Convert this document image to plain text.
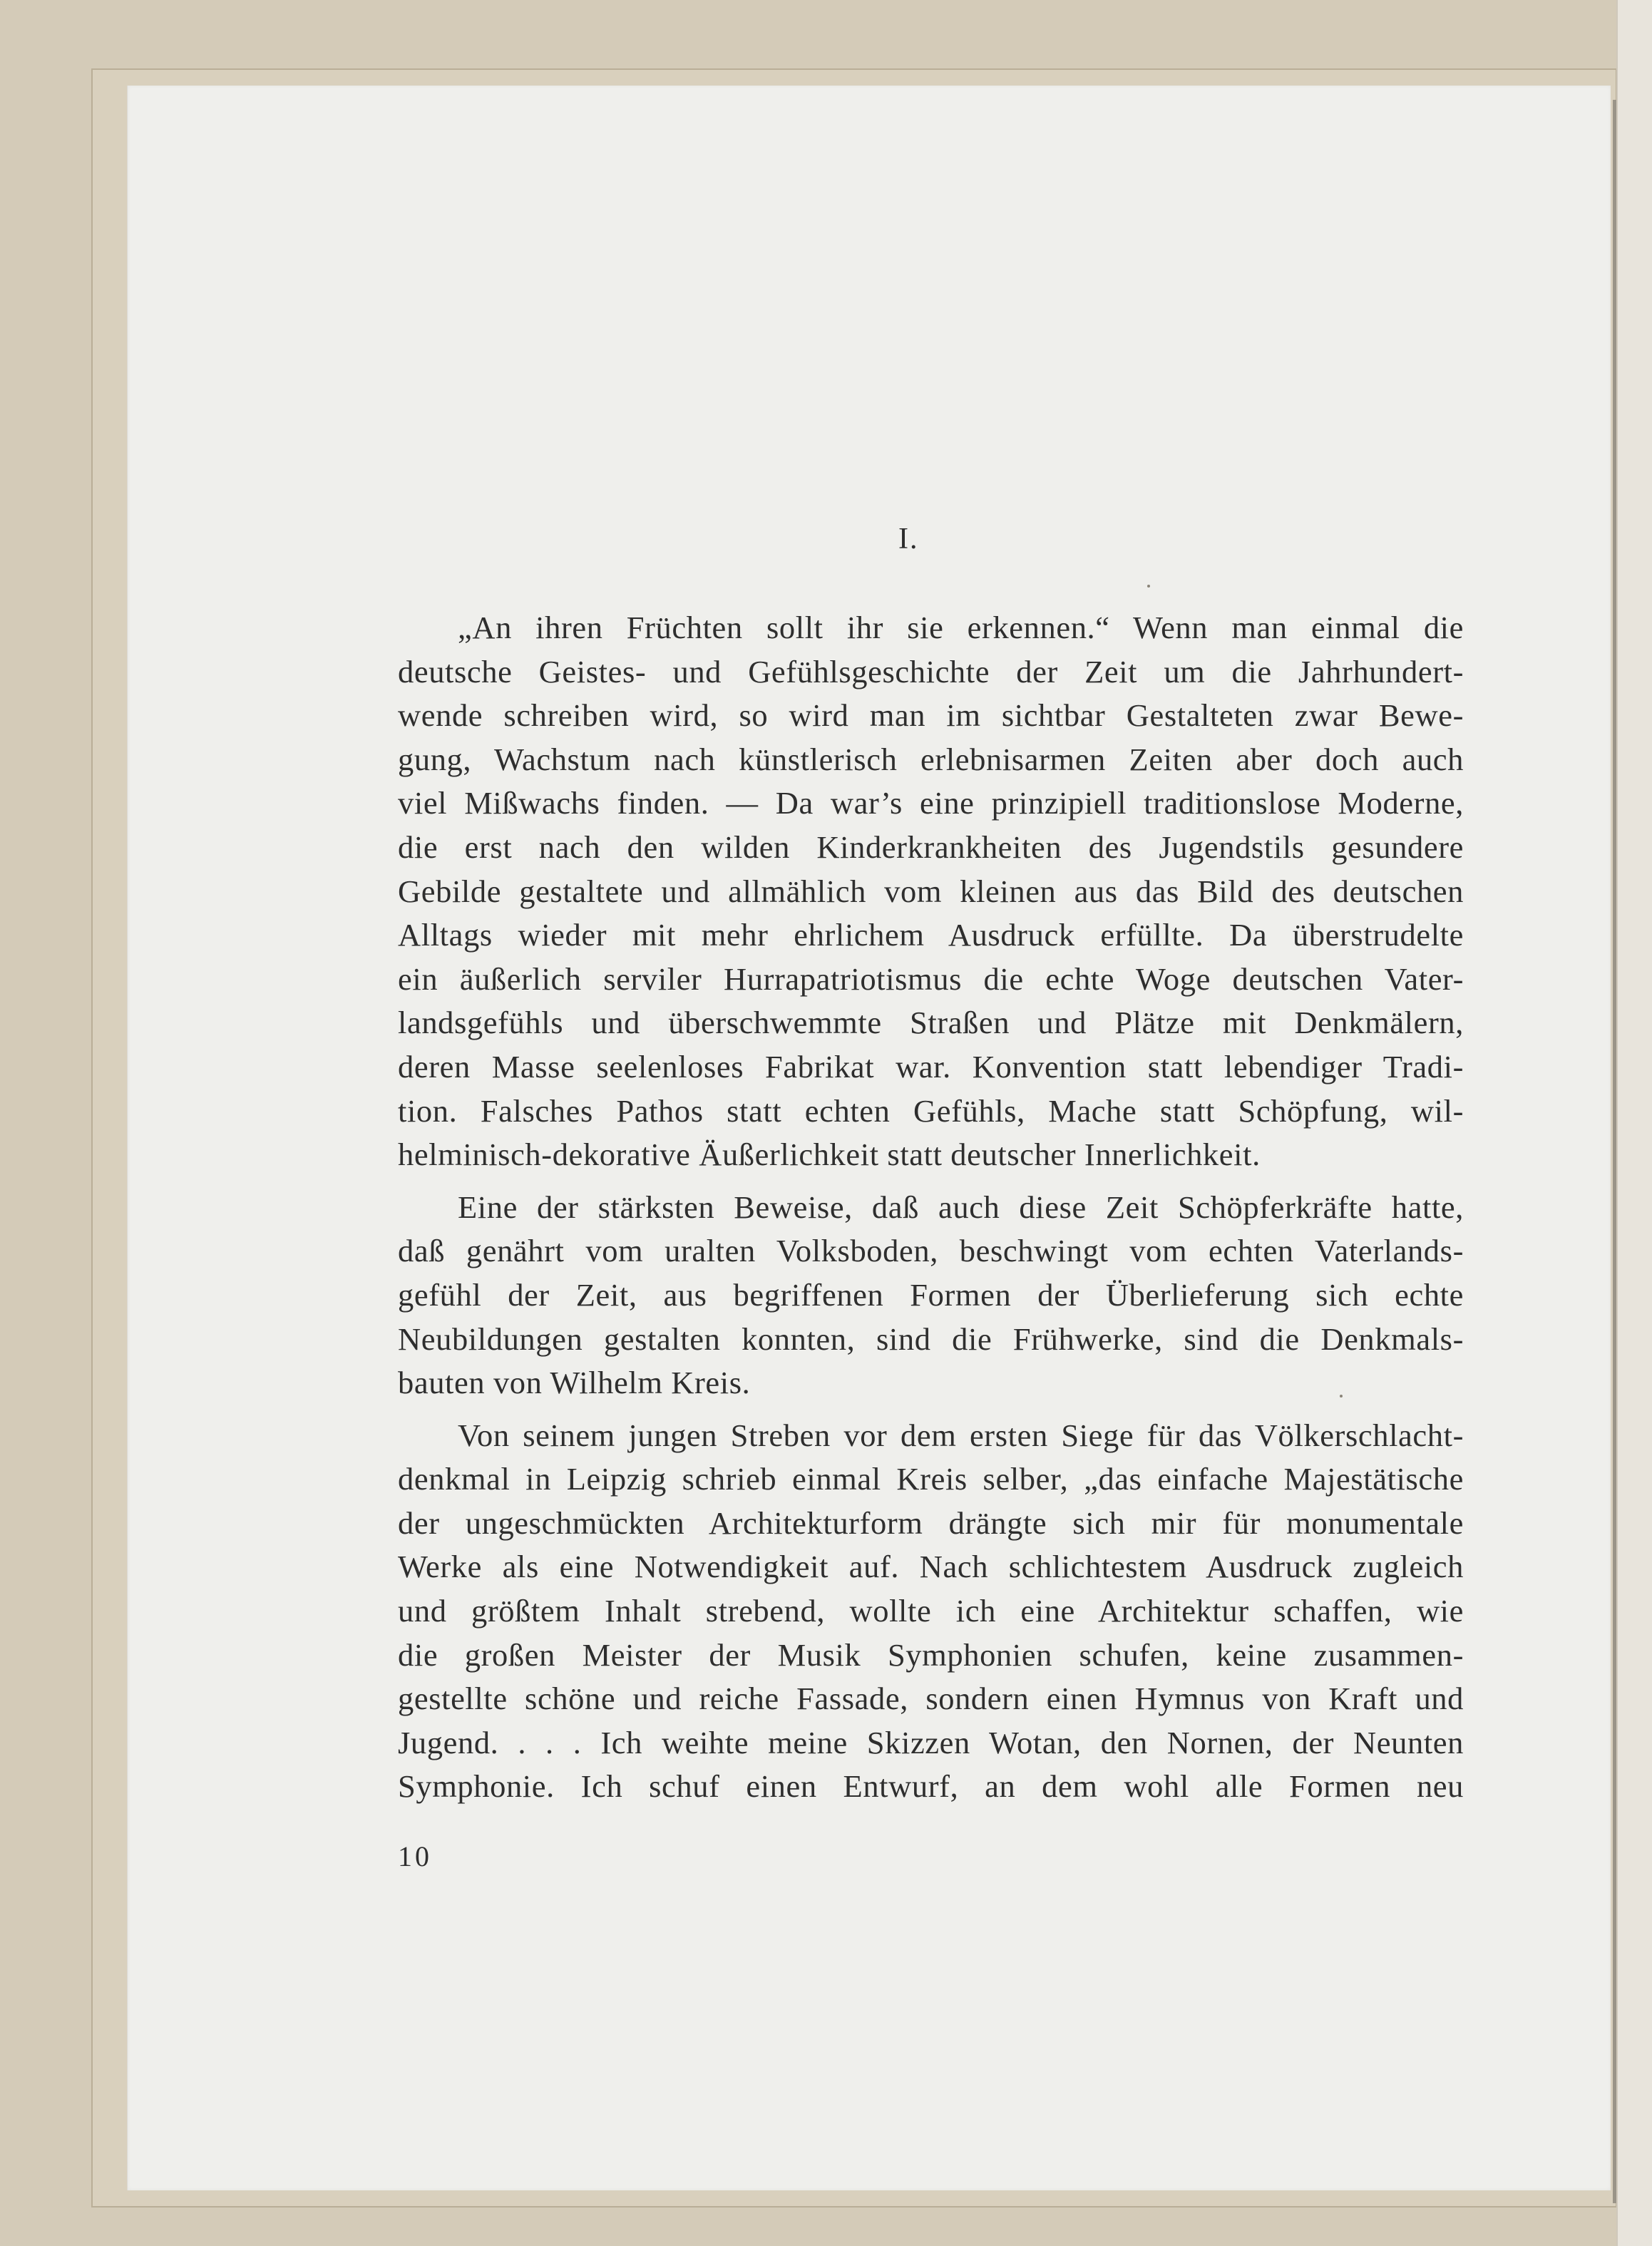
I.

„An ihren Früchten sollt ihr sie erkennen.“ Wenn man einmal die
deutsche Geistes- und Gefühlsgeschichte der Zeit um die Jahrhundert-
wende schreiben wird, so wird man im sichtbar Gestalteten zwar Bewe-
gung, Wachstum nach künstlerisch erlebnisarmen Zeiten aber doch auch
viel Mißwachs finden. — Da war’s eine prinzipiell traditionslose Moderne,
die erst nach den wilden Kinderkrankheiten des Jugendstils gesundere
Gebilde gestaltete und allmählich vom kleinen aus das Bild des deutschen
Alltags wieder mit mehr ehrlichem Ausdruck erfüllte. Da überstrudelte
ein äußerlich serviler Hurrapatriotismus die echte Woge deutschen Vater-
landsgefühls und überschwemmte Straßen und Plätze mit Denkmälern,
deren Masse seelenloses Fabrikat war. Konvention statt lebendiger Tradi-
tion. Falsches Pathos statt echten Gefühls, Mache statt Schöpfung, wil-
helminisch-dekorative Äußerlichkeit statt deutscher Innerlichkeit.

Eine der stärksten Beweise, daß auch diese Zeit Schöpferkräfte hatte,
daß genährt vom uralten Volksboden, beschwingt vom echten Vaterlands-
gefühl der Zeit, aus begriffenen Formen der Überlieferung sich echte
Neubildungen gestalten konnten, sind die Frühwerke, sind die Denkmals-
bauten von Wilhelm Kreis.

Von seinem jungen Streben vor dem ersten Siege für das Völkerschlacht-
denkmal in Leipzig schrieb einmal Kreis selber, „das einfache Majestätische
der ungeschmückten Architekturform drängte sich mir für monumentale
Werke als eine Notwendigkeit auf. Nach schlichtestem Ausdruck zugleich
und größtem Inhalt strebend, wollte ich eine Architektur schaffen, wie
die großen Meister der Musik Symphonien schufen, keine zusammen-
gestellte schöne und reiche Fassade, sondern einen Hymnus von Kraft und
Jugend. . . . Ich weihte meine Skizzen Wotan, den Nornen, der Neunten
Symphonie. Ich schuf einen Entwurf, an dem wohl alle Formen neu

10
